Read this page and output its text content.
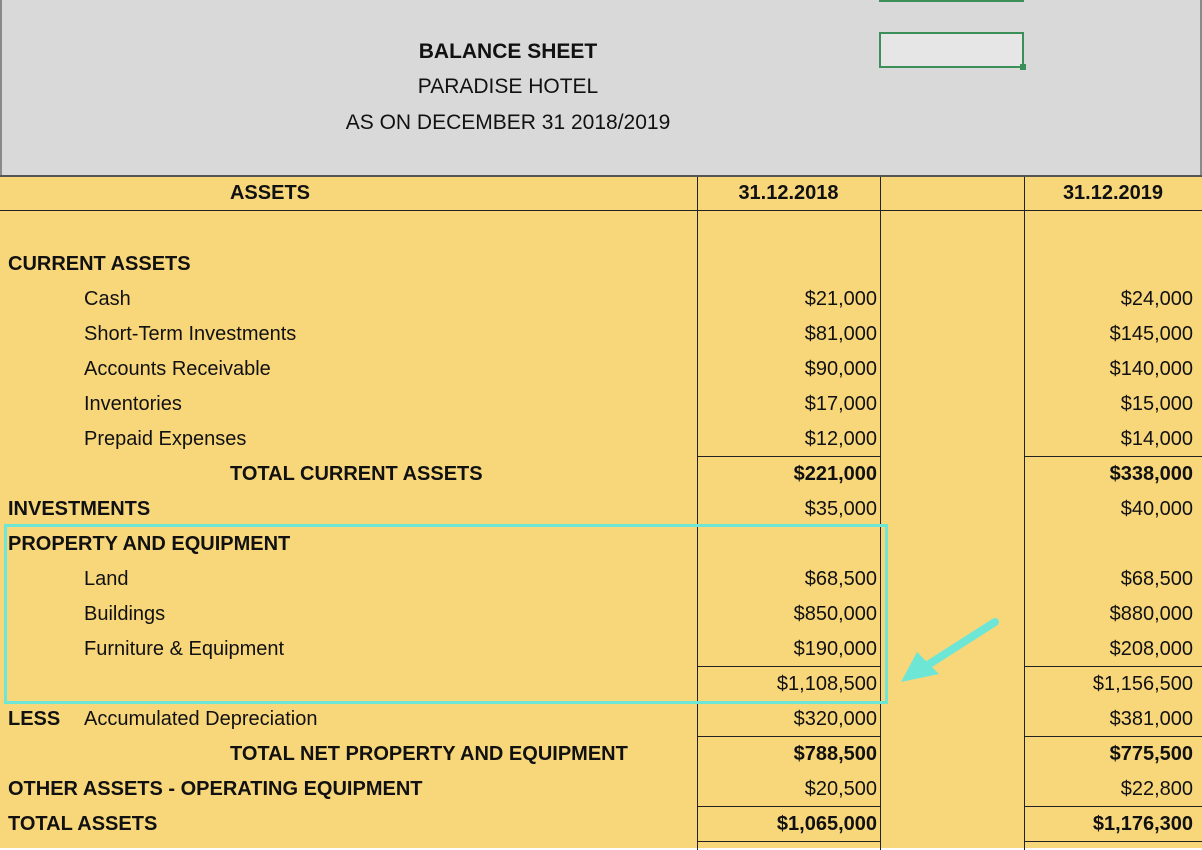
BALANCE SHEET
PARADISE HOTEL
AS ON DECEMBER 31 2018/2019
ASSETS	31.12.2018	31.12.2019
CURRENT ASSETS
Cash	$21,000	$24,000
Short-Term Investments	$81,000	$145,000
Accounts Receivable	$90,000	$140,000
Inventories	$17,000	$15,000
Prepaid Expenses	$12,000	$14,000
TOTAL CURRENT ASSETS	$221,000	$338,000
INVESTMENTS	$35,000	$40,000
PROPERTY AND EQUIPMENT
Land	$68,500	$68,500
Buildings	$850,000	$880,000
Furniture & Equipment	$190,000	$208,000
$1,108,500	$1,156,500
LESS Accumulated Depreciation	$320,000	$381,000
TOTAL NET PROPERTY AND EQUIPMENT	$788,500	$775,500
OTHER ASSETS - OPERATING EQUIPMENT	$20,500	$22,800
TOTAL ASSETS	$1,065,000	$1,176,300
